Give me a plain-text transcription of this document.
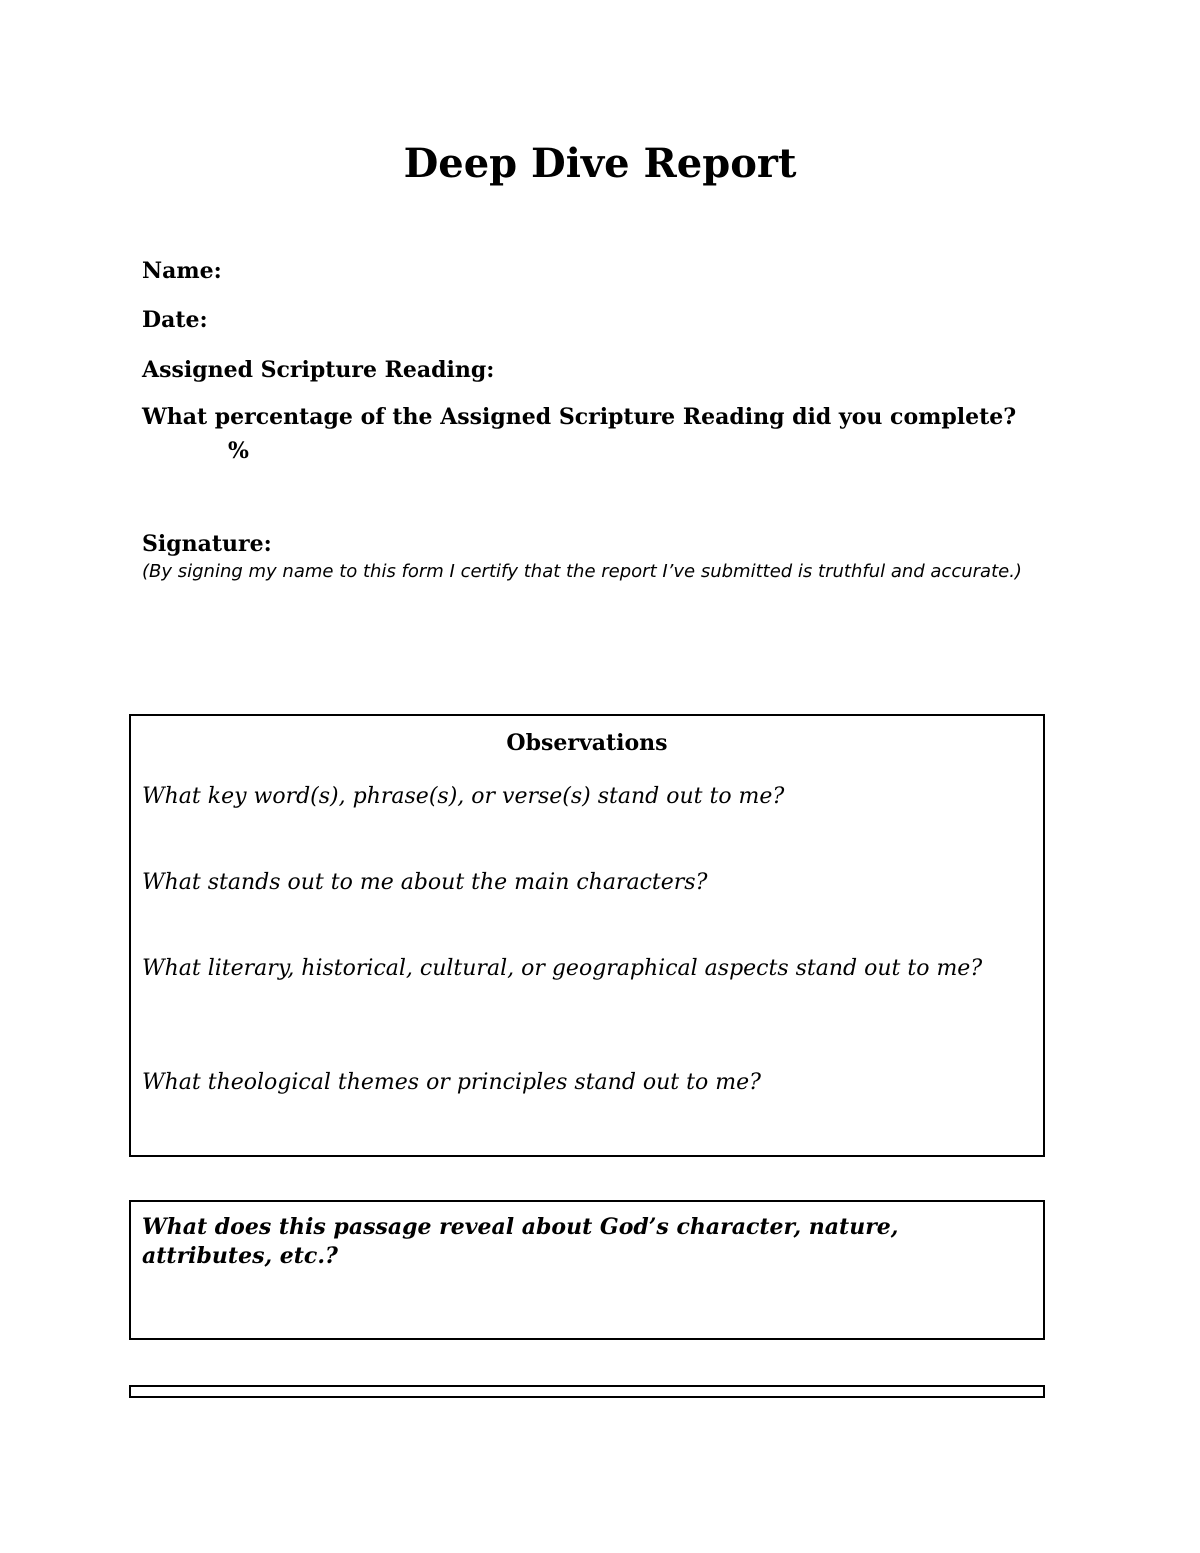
Deep Dive Report

Name:

Date:

Assigned Scripture Reading:

What percentage of the Assigned Scripture Reading did you complete?%

Signature:

(By signing my name to this form I certify that the report I’ve submitted is truthful and accurate.)

Observations

What key word(s), phrase(s), or verse(s) stand out to me?

What stands out to me about the main characters?

What literary, historical, cultural, or geographical aspects stand out to me?

What theological themes or principles stand out to me?

What does this passage reveal about God’s character, nature, attributes, etc.?
